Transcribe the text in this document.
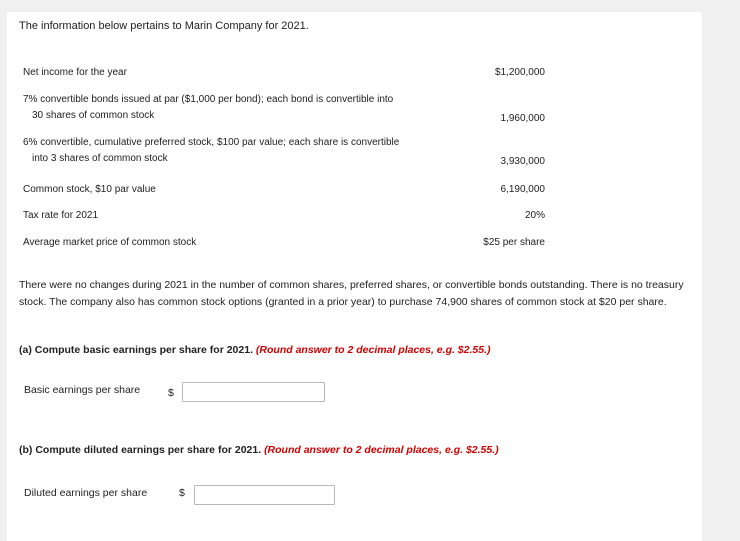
The information below pertains to Marin Company for 2021.
Net income for the year	$1,200,000
7% convertible bonds issued at par ($1,000 per bond); each bond is convertible into
30 shares of common stock	1,960,000
6% convertible, cumulative preferred stock, $100 par value; each share is convertible
into 3 shares of common stock	3,930,000
Common stock, $10 par value	6,190,000
Tax rate for 2021	20%
Average market price of common stock	$25 per share
There were no changes during 2021 in the number of common shares, preferred shares, or convertible bonds outstanding. There is no treasury stock. The company also has common stock options (granted in a prior year) to purchase 74,900 shares of common stock at $20 per share.
(a) Compute basic earnings per share for 2021. (Round answer to 2 decimal places, e.g. $2.55.)
Basic earnings per share	$
(b) Compute diluted earnings per share for 2021. (Round answer to 2 decimal places, e.g. $2.55.)
Diluted earnings per share	$
